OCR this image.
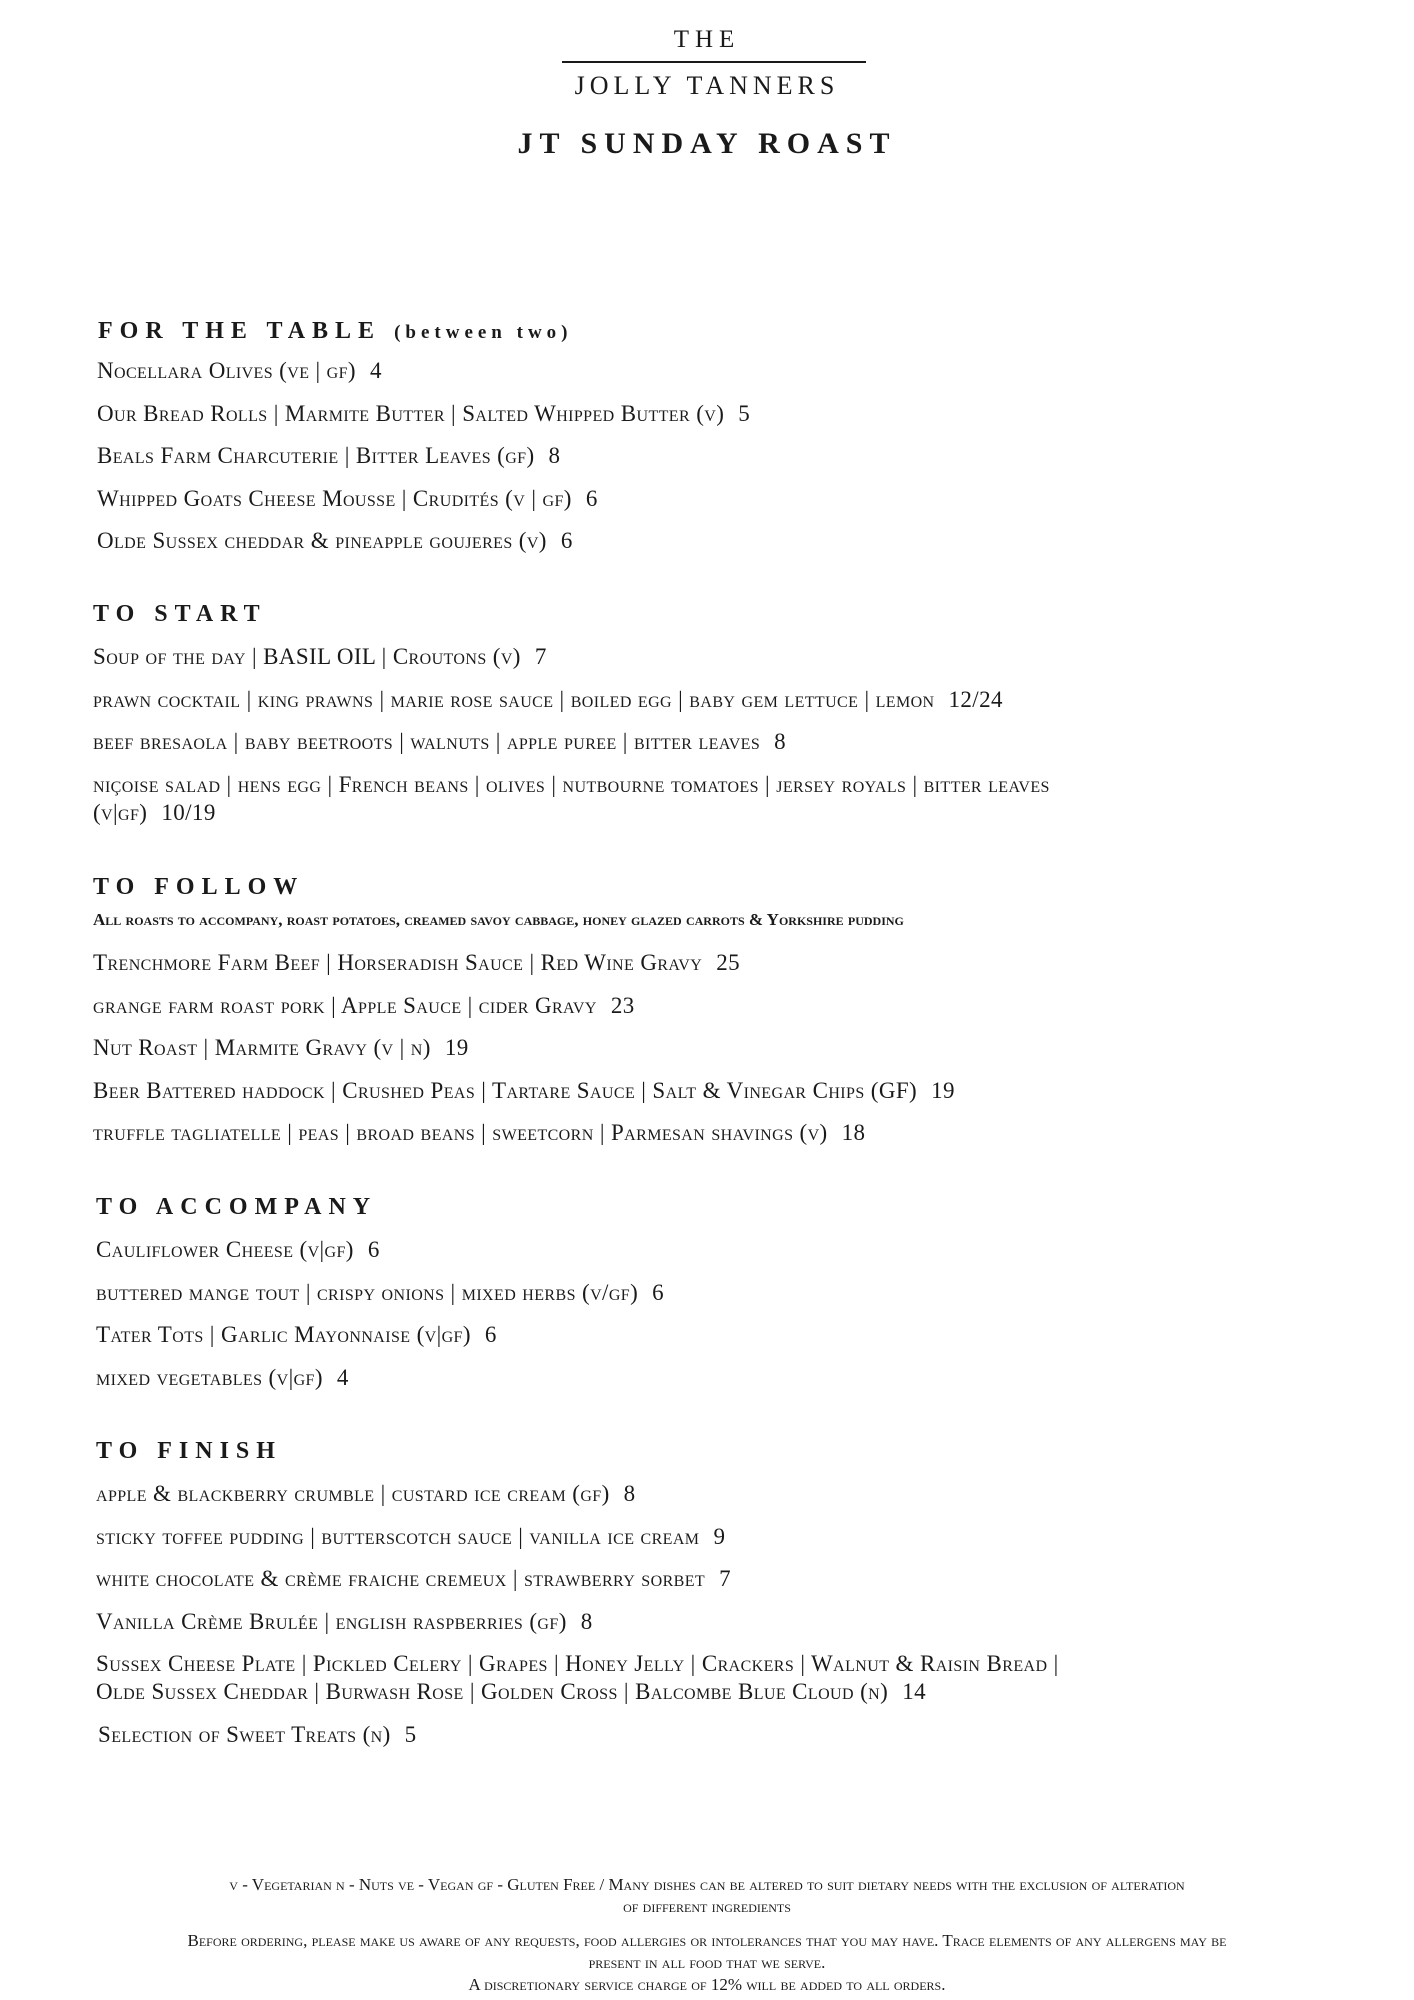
THE
JOLLY TANNERS
JT SUNDAY ROAST
FOR THE TABLE (between two)
Nocellara Olives (ve | gf) 4
Our Bread Rolls | Marmite Butter | Salted Whipped Butter (v) 5
Beals Farm Charcuterie | Bitter Leaves (gf) 8
Whipped Goats Cheese Mousse | Crudités (v | gf) 6
Olde Sussex cheddar & pineapple goujeres (v) 6
TO START
Soup of the day | BASIL OIL | Croutons (v) 7
prawn cocktail | king prawns | marie rose sauce | boiled egg | baby gem lettuce | lemon 12/24
beef bresaola | baby beetroots | walnuts | apple puree | bitter leaves 8
niçoise salad | hens egg | French beans | olives | nutbourne tomatoes | jersey royals | bitter leaves
(v|gf) 10/19
TO FOLLOW
All roasts to accompany, roast potatoes, creamed savoy cabbage, honey glazed carrots & Yorkshire pudding
Trenchmore Farm Beef | Horseradish Sauce | Red Wine Gravy 25
grange farm roast pork | Apple Sauce | cider Gravy 23
Nut Roast | Marmite Gravy (v | n) 19
Beer Battered haddock | Crushed Peas | Tartare Sauce | Salt & Vinegar Chips (GF) 19
truffle tagliatelle | peas | broad beans | sweetcorn | Parmesan shavings (v) 18
TO ACCOMPANY
Cauliflower Cheese (v|gf) 6
buttered mange tout | crispy onions | mixed herbs (v/gf) 6
Tater Tots | Garlic Mayonnaise (v|gf) 6
mixed vegetables (v|gf) 4
TO FINISH
apple & blackberry crumble | custard ice cream (gf) 8
sticky toffee pudding | butterscotch sauce | vanilla ice cream 9
white chocolate & crème fraiche cremeux | strawberry sorbet 7
Vanilla Crème Brulée | english raspberries (gf) 8
Sussex Cheese Plate | Pickled Celery | Grapes | Honey Jelly | Crackers | Walnut & Raisin Bread |
Olde Sussex Cheddar | Burwash Rose | Golden Cross | Balcombe Blue Cloud (n) 14
Selection of Sweet Treats (n) 5
v - Vegetarian n - Nuts ve - Vegan gf - Gluten Free / Many dishes can be altered to suit dietary needs with the exclusion of alteration
of different ingredients
Before ordering, please make us aware of any requests, food allergies or intolerances that you may have. Trace elements of any allergens may be
present in all food that we serve.
A discretionary service charge of 12% will be added to all orders.
